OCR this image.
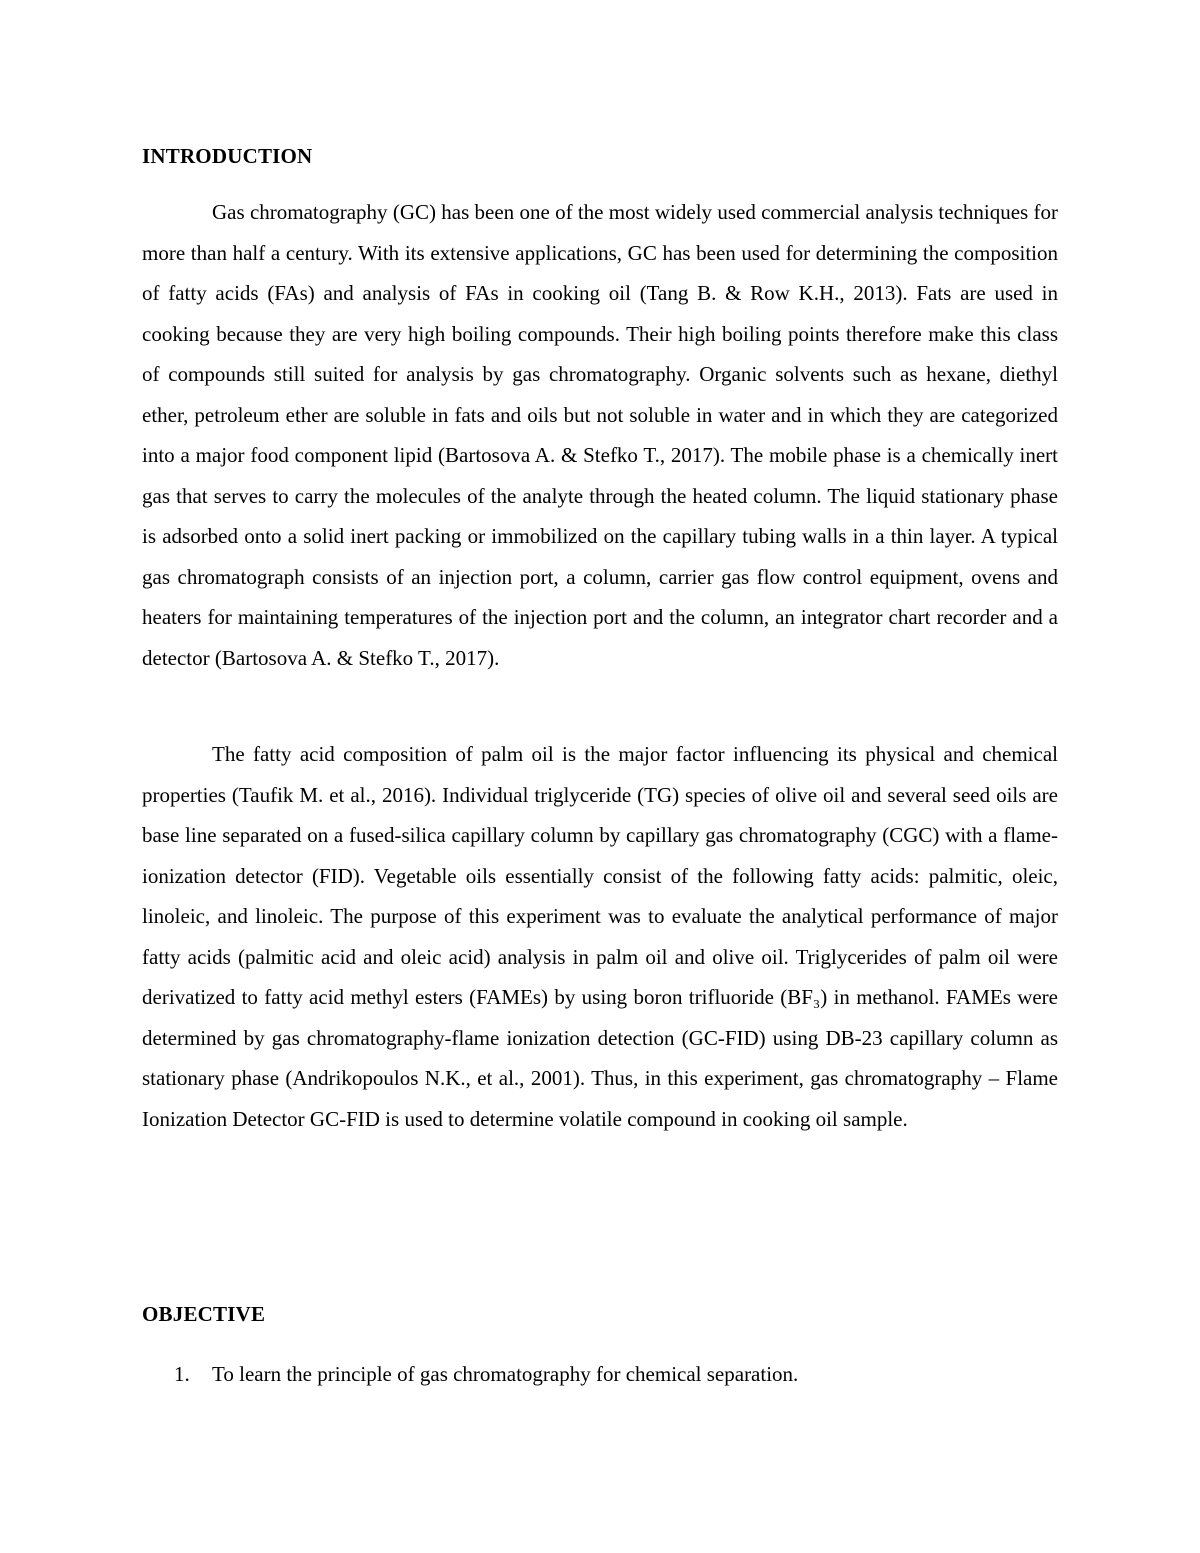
INTRODUCTION

Gas chromatography (GC) has been one of the most widely used commercial analysis techniques for more than half a century. With its extensive applications, GC has been used for determining the composition of fatty acids (FAs) and analysis of FAs in cooking oil (Tang B. & Row K.H., 2013). Fats are used in cooking because they are very high boiling compounds. Their high boiling points therefore make this class of compounds still suited for analysis by gas chromatography. Organic solvents such as hexane, diethyl ether, petroleum ether are soluble in fats and oils but not soluble in water and in which they are categorized into a major food component lipid (Bartosova A. & Stefko T., 2017). The mobile phase is a chemically inert gas that serves to carry the molecules of the analyte through the heated column. The liquid stationary phase is adsorbed onto a solid inert packing or immobilized on the capillary tubing walls in a thin layer. A typical gas chromatograph consists of an injection port, a column, carrier gas flow control equipment, ovens and heaters for maintaining temperatures of the injection port and the column, an integrator chart recorder and a detector (Bartosova A. & Stefko T., 2017).

The fatty acid composition of palm oil is the major factor influencing its physical and chemical properties (Taufik M. et al., 2016). Individual triglyceride (TG) species of olive oil and several seed oils are base line separated on a fused-silica capillary column by capillary gas chromatography (CGC) with a flame-ionization detector (FID). Vegetable oils essentially consist of the following fatty acids: palmitic, oleic, linoleic, and linoleic. The purpose of this experiment was to evaluate the analytical performance of major fatty acids (palmitic acid and oleic acid) analysis in palm oil and olive oil. Triglycerides of palm oil were derivatized to fatty acid methyl esters (FAMEs) by using boron trifluoride (BF₃) in methanol. FAMEs were determined by gas chromatography-flame ionization detection (GC-FID) using DB-23 capillary column as stationary phase (Andrikopoulos N.K., et al., 2001). Thus, in this experiment, gas chromatography – Flame Ionization Detector GC-FID is used to determine volatile compound in cooking oil sample.

OBJECTIVE
1.	To learn the principle of gas chromatography for chemical separation.
